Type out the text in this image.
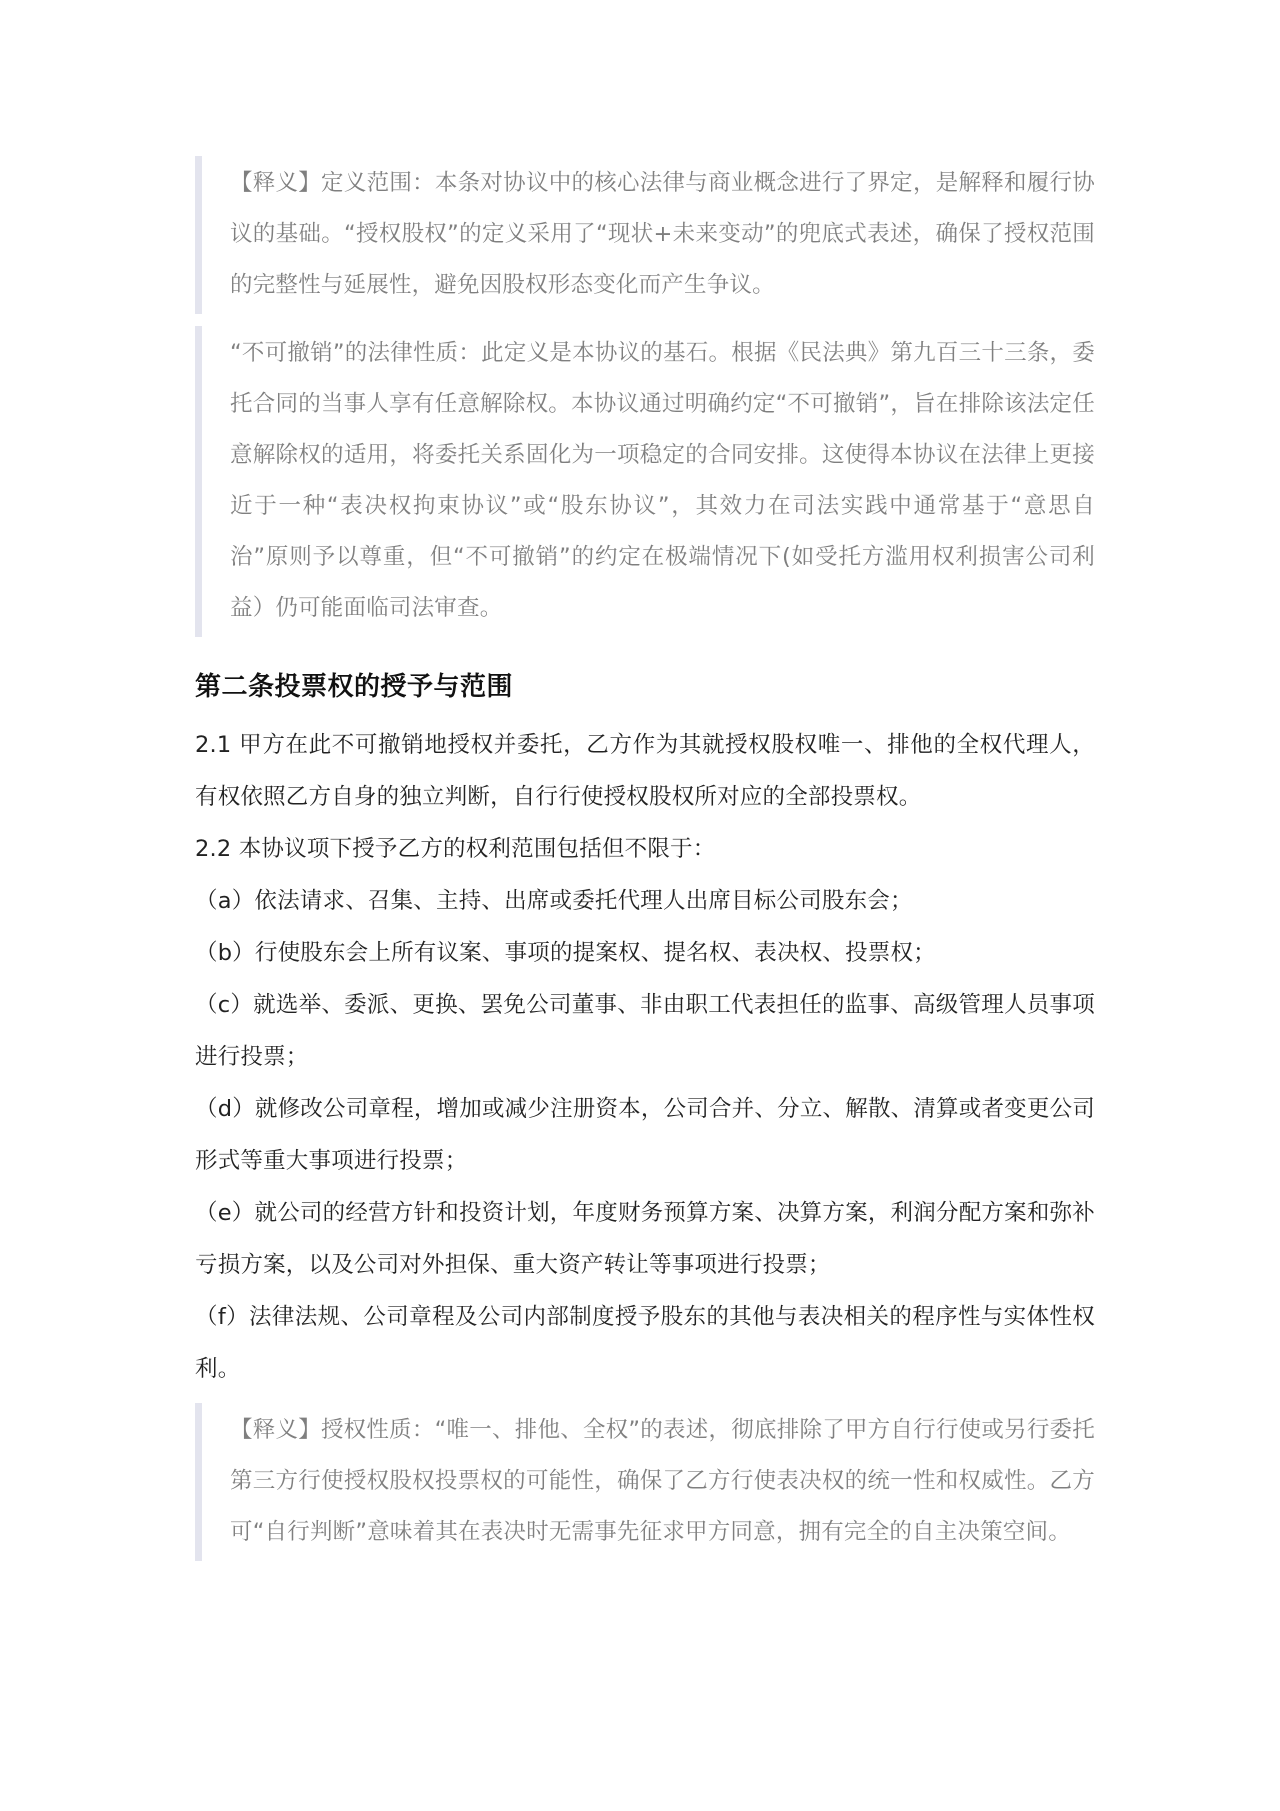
【释义】定义范围：本条对协议中的核心法律与商业概念进行了界定，是解释和履行协议的基础。“授权股权”的定义采用了“现状+未来变动”的兜底式表述，确保了授权范围的完整性与延展性，避免因股权形态变化而产生争议。

“不可撤销”的法律性质：此定义是本协议的基石。根据《民法典》第九百三十三条，委托合同的当事人享有任意解除权。本协议通过明确约定“不可撤销”，旨在排除该法定任意解除权的适用，将委托关系固化为一项稳定的合同安排。这使得本协议在法律上更接近于一种“表决权拘束协议”或“股东协议”，其效力在司法实践中通常基于“意思自治”原则予以尊重，但“不可撤销”的约定在极端情况下(如受托方滥用权利损害公司利益）仍可能面临司法审查。

第二条投票权的授予与范围

2.1 甲方在此不可撤销地授权并委托，乙方作为其就授权股权唯一、排他的全权代理人，有权依照乙方自身的独立判断，自行行使授权股权所对应的全部投票权。

2.2 本协议项下授予乙方的权利范围包括但不限于：

（a）依法请求、召集、主持、出席或委托代理人出席目标公司股东会；

（b）行使股东会上所有议案、事项的提案权、提名权、表决权、投票权；

（c）就选举、委派、更换、罢免公司董事、非由职工代表担任的监事、高级管理人员事项进行投票；

（d）就修改公司章程，增加或减少注册资本，公司合并、分立、解散、清算或者变更公司形式等重大事项进行投票；

（e）就公司的经营方针和投资计划，年度财务预算方案、决算方案，利润分配方案和弥补亏损方案，以及公司对外担保、重大资产转让等事项进行投票；

（f）法律法规、公司章程及公司内部制度授予股东的其他与表决相关的程序性与实体性权利。

【释义】授权性质：“唯一、排他、全权”的表述，彻底排除了甲方自行行使或另行委托第三方行使授权股权投票权的可能性，确保了乙方行使表决权的统一性和权威性。乙方可“自行判断”意味着其在表决时无需事先征求甲方同意，拥有完全的自主决策空间。
